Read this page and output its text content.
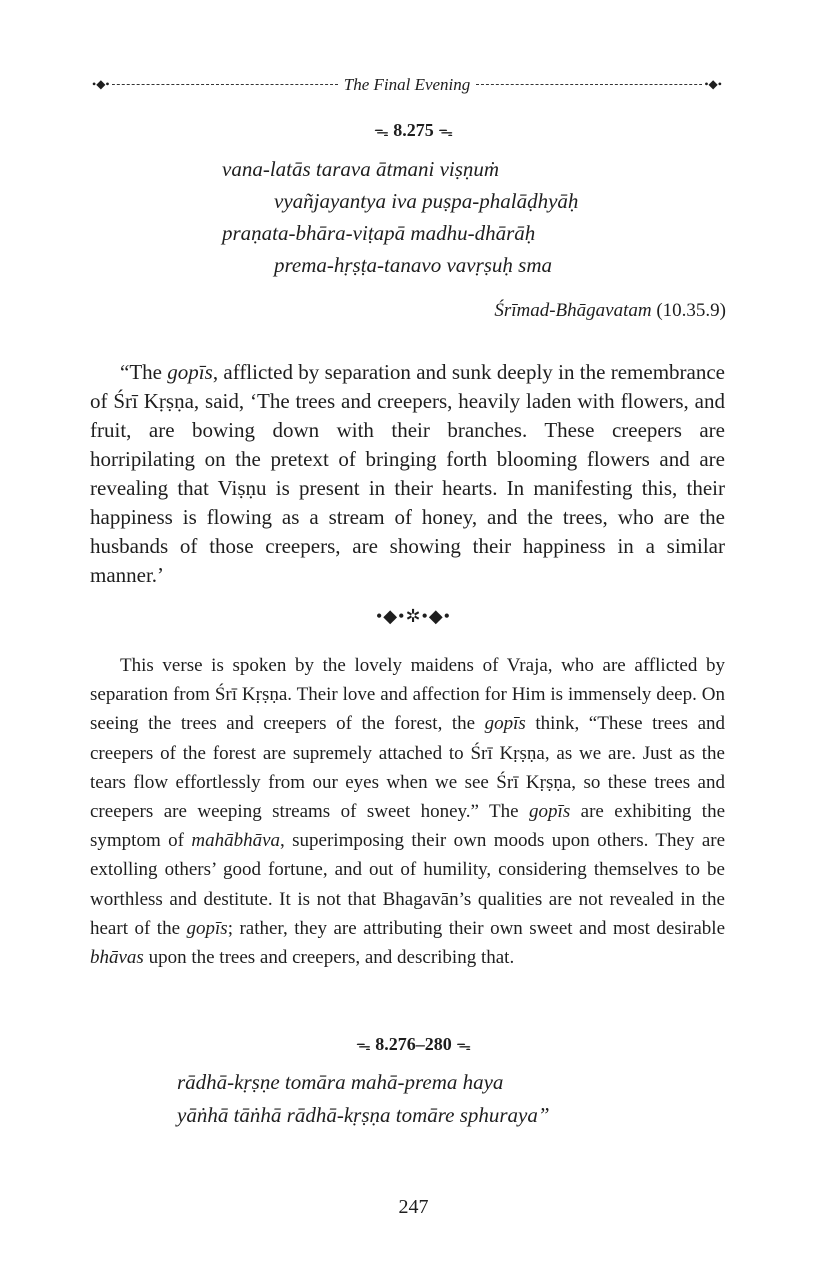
•◆•	The Final Evening	•◆•
ᯓ 8.275 ᯓ
vana-latās tarava ātmani viṣṇuṁ
vyañjayantya iva puṣpa-phalāḍhyāḥ
praṇata-bhāra-viṭapā madhu-dhārāḥ
prema-hṛṣṭa-tanavo vavṛṣuḥ sma
Śrīmad-Bhāgavatam (10.35.9)

“The gopīs, afflicted by separation and sunk deeply in the remembrance of Śrī Kṛṣṇa, said, ‘The trees and creepers, heavily laden with flowers, and fruit, are bowing down with their branches. These creepers are horripilating on the pretext of bringing forth blooming flowers and are revealing that Viṣṇu is present in their hearts. In manifesting this, their happiness is flowing as a stream of honey, and the trees, who are the husbands of those creepers, are showing their happiness in a similar manner.’

•◆•✲•◆•

This verse is spoken by the lovely maidens of Vraja, who are afflicted by separation from Śrī Kṛṣṇa. Their love and affection for Him is immensely deep. On seeing the trees and creepers of the forest, the gopīs think, “These trees and creepers of the forest are supremely attached to Śrī Kṛṣṇa, as we are. Just as the tears flow effortlessly from our eyes when we see Śrī Kṛṣṇa, so these trees and creepers are weeping streams of sweet honey.” The gopīs are exhibiting the symptom of mahābhāva, superimposing their own moods upon others. They are extolling others’ good fortune, and out of humility, considering themselves to be worthless and destitute. It is not that Bhagavān’s qualities are not revealed in the heart of the gopīs; rather, they are attributing their own sweet and most desirable bhāvas upon the trees and creepers, and describing that.

ᯓ 8.276–280 ᯓ
rādhā-kṛṣṇe tomāra mahā-prema haya
yāṅhā tāṅhā rādhā-kṛṣṇa tomāre sphuraya”
247
